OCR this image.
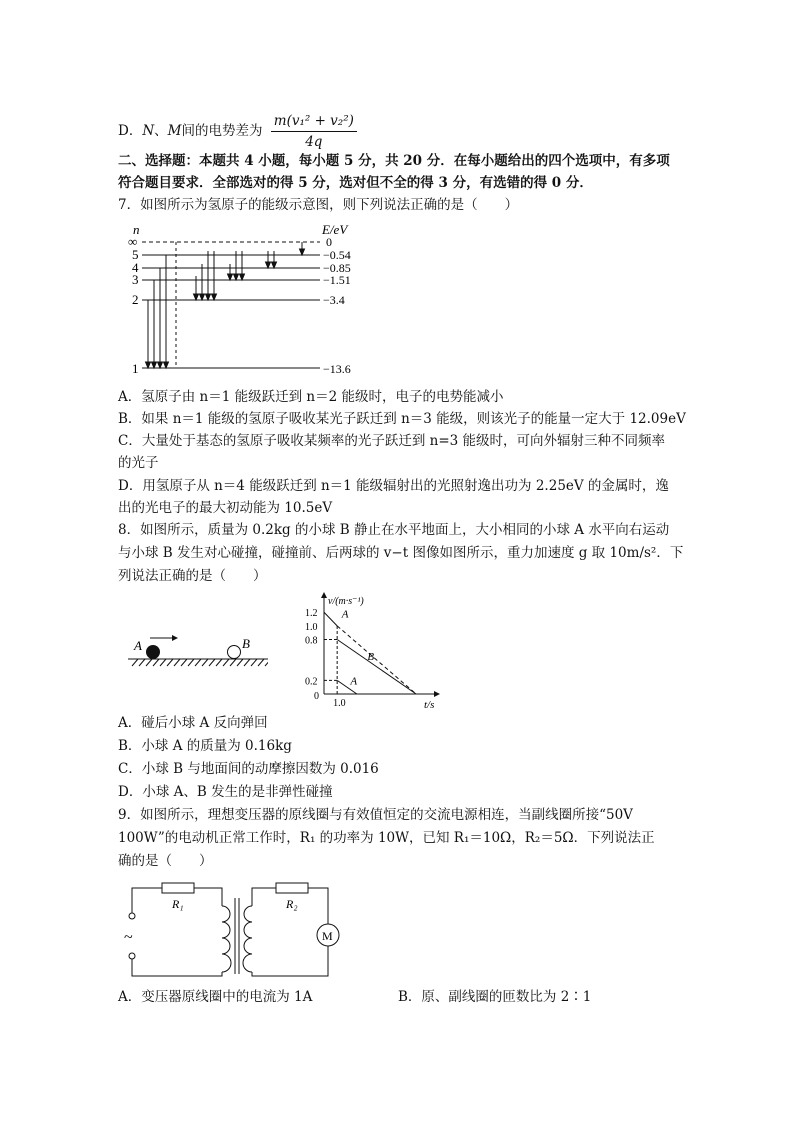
D．N、M间的电势差为 $\frac{\text{m(v₁² + v₂²)}}{4q}$
二、选择题：本题共 4 小题，每小题 5 分，共 20 分．在每小题给出的四个选项中，有多项
符合题目要求．全部选对的得 5 分，选对但不全的得 3 分，有选错的得 0 分．
7．如图所示为氢原子的能级示意图，则下列说法正确的是（　　）
n	E/eV
∞	0
5
4
3
2
1
−0.54
−0.85
−1.51
−3.4
−13.6
A．氢原子由 n＝1 能级跃迁到 n＝2 能级时，电子的电势能减小
B．如果 n＝1 能级的氢原子吸收某光子跃迁到 n＝3 能级，则该光子的能量一定大于 12.09eV
C．大量处于基态的氢原子吸收某频率的光子跃迁到 n=3 能级时，可向外辐射三种不同频率
的光子
D．用氢原子从 n＝4 能级跃迁到 n＝1 能级辐射出的光照射逸出功为 2.25eV 的金属时，逸
出的光电子的最大初动能为 10.5eV
8．如图所示，质量为 0.2kg 的小球 B 静止在水平地面上，大小相同的小球 A 水平向右运动
与小球 B 发生对心碰撞，碰撞前、后两球的 v−t 图像如图所示，重力加速度 g 取 10m/s²．下
列说法正确的是（　　）
A	B
v/(m·s⁻¹)
t/s
0
1.2
1.0
0.8
0.2
1.0
A
B
A
A．碰后小球 A 反向弹回
B．小球 A 的质量为 0.16kg
C．小球 B 与地面间的动摩擦因数为 0.016
D．小球 A、B 发生的是非弹性碰撞
9．如图所示，理想变压器的原线圈与有效值恒定的交流电源相连，当副线圈所接“50V
100W”的电动机正常工作时，R₁ 的功率为 10W，已知 R₁＝10Ω，R₂＝5Ω．下列说法正
确的是（　　）
~
R₁	R₂
M
A．变压器原线圈中的电流为 1A	B．原、副线圈的匝数比为 2∶1
